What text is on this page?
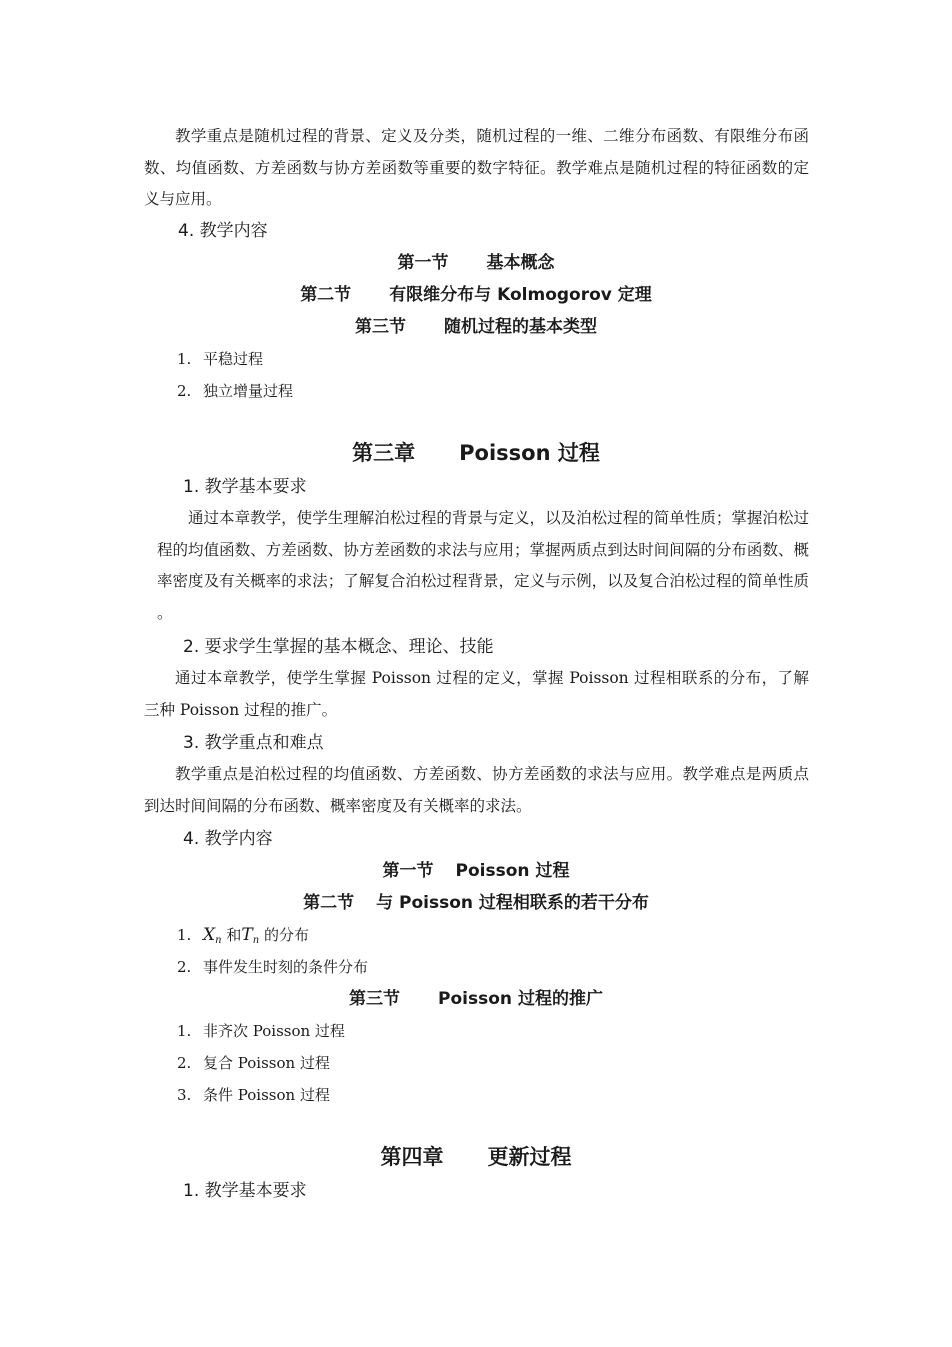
教学重点是随机过程的背景、定义及分类，随机过程的一维、二维分布函数、有限维分布函数、均值函数、方差函数与协方差函数等重要的数字特征。教学难点是随机过程的特征函数的定义与应用。

4. 教学内容

第一节 基本概念

第二节 有限维分布与 Kolmogorov 定理

第三节 随机过程的基本类型

1. 平稳过程

2. 独立增量过程

第三章 Poisson 过程

1. 教学基本要求

通过本章教学，使学生理解泊松过程的背景与定义，以及泊松过程的简单性质；掌握泊松过程的均值函数、方差函数、协方差函数的求法与应用；掌握两质点到达时间间隔的分布函数、概率密度及有关概率的求法；了解复合泊松过程背景，定义与示例，以及复合泊松过程的简单性质 。

2. 要求学生掌握的基本概念、理论、技能

通过本章教学，使学生掌握 Poisson 过程的定义，掌握 Poisson 过程相联系的分布，了解三种 Poisson 过程的推广。

3. 教学重点和难点

教学重点是泊松过程的均值函数、方差函数、协方差函数的求法与应用。教学难点是两质点到达时间间隔的分布函数、概率密度及有关概率的求法。

4. 教学内容

第一节 Poisson 过程

第二节 与 Poisson 过程相联系的若干分布

1. $X_n$ 和$T_n$ 的分布

2. 事件发生时刻的条件分布

第三节 Poisson 过程的推广

1. 非齐次 Poisson 过程

2. 复合 Poisson 过程

3. 条件 Poisson 过程

第四章 更新过程

1. 教学基本要求
